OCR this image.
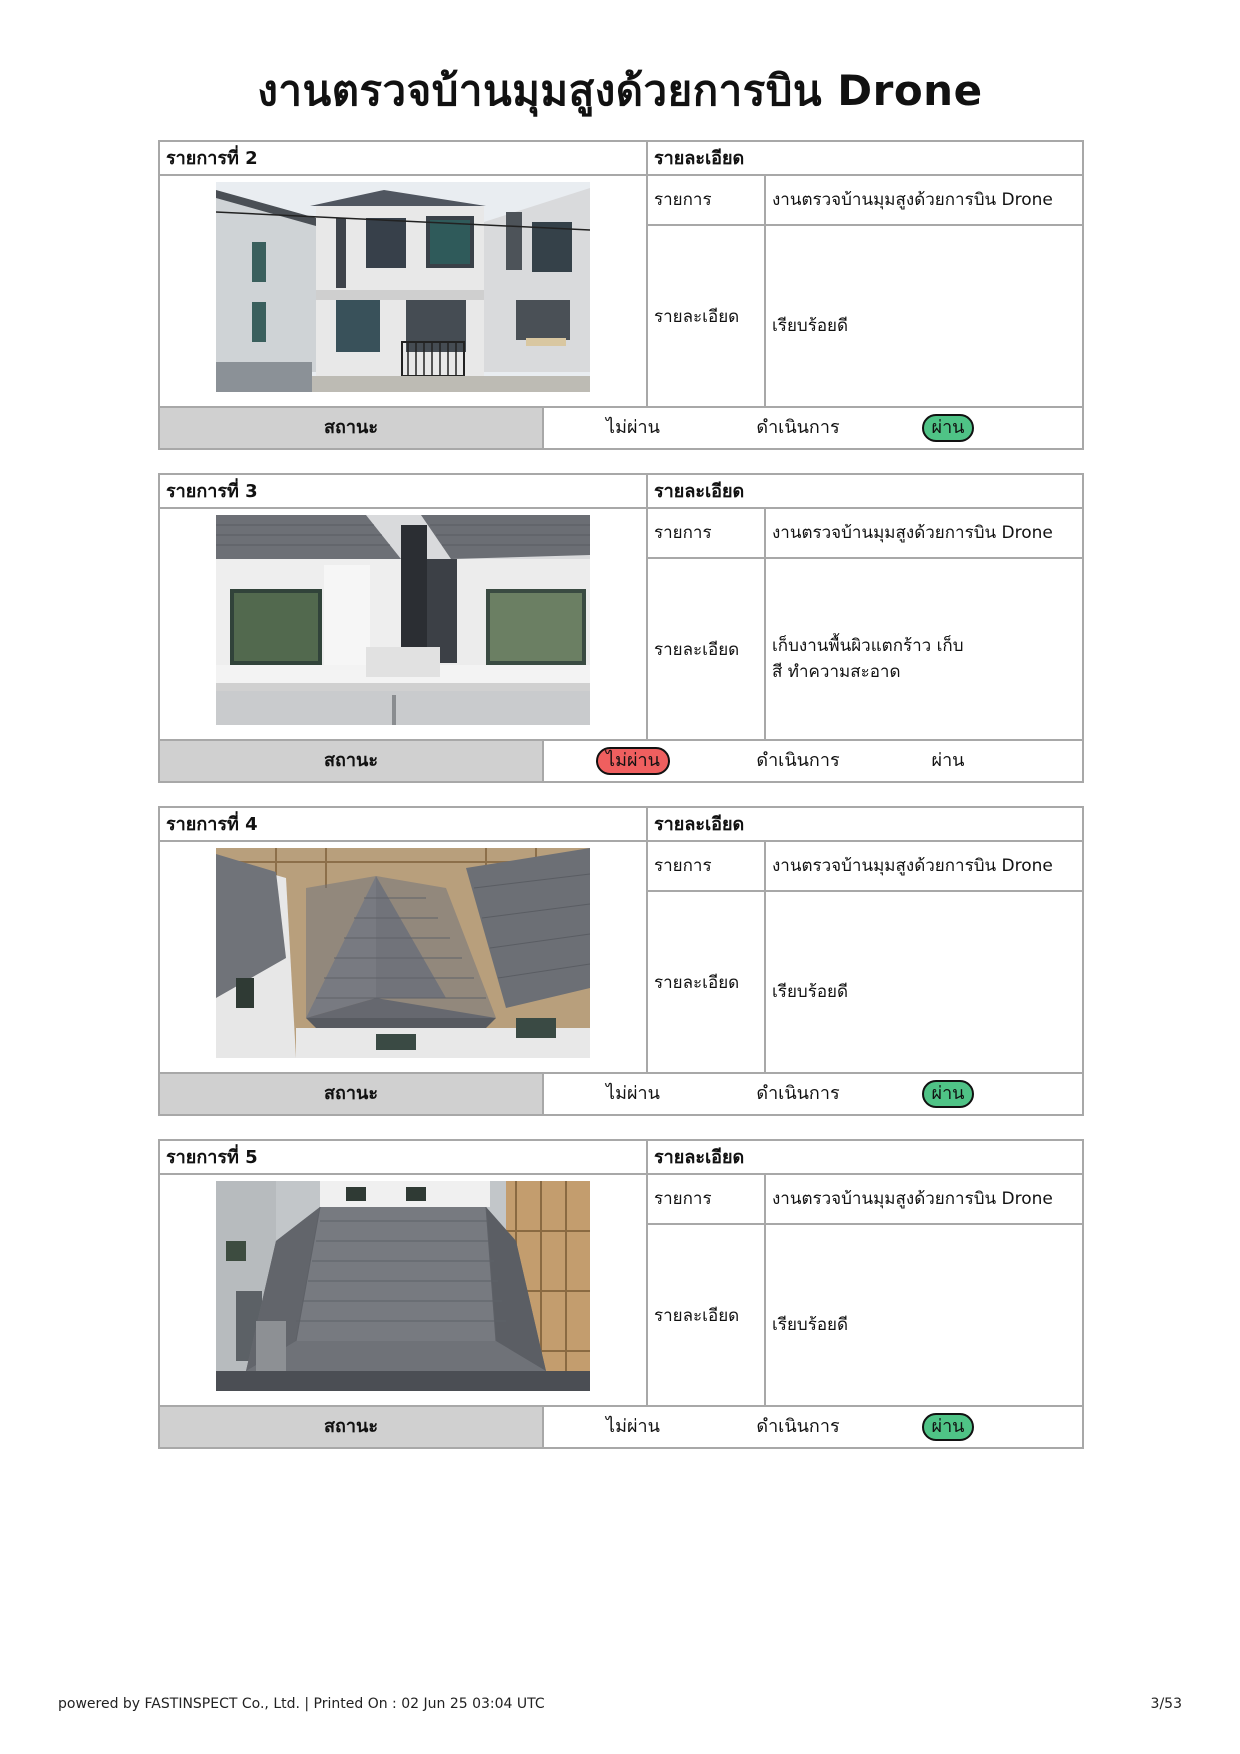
งานตรวจบ้านมุมสูงด้วยการบิน Drone
รายการที่ 2	รายละเอียด
รายการ	งานตรวจบ้านมุมสูงด้วยการบิน Drone
รายละเอียด เรียบร้อยดี
สถานะ	ไม่ผ่าน	ดำเนินการ	ผ่าน
รายการที่ 3	รายละเอียด
รายการ	งานตรวจบ้านมุมสูงด้วยการบิน Drone
รายละเอียด เก็บงานพื้นผิวแตกร้าว เก็บสี ทำความสะอาด
สถานะ	ไม่ผ่าน	ดำเนินการ	ผ่าน
รายการที่ 4	รายละเอียด
รายการ	งานตรวจบ้านมุมสูงด้วยการบิน Drone
รายละเอียด เรียบร้อยดี
สถานะ	ไม่ผ่าน	ดำเนินการ	ผ่าน
รายการที่ 5	รายละเอียด
รายการ	งานตรวจบ้านมุมสูงด้วยการบิน Drone
รายละเอียด เรียบร้อยดี
สถานะ	ไม่ผ่าน	ดำเนินการ	ผ่าน
powered by FASTINSPECT Co., Ltd. | Printed On : 02 Jun 25 03:04 UTC	3/53
